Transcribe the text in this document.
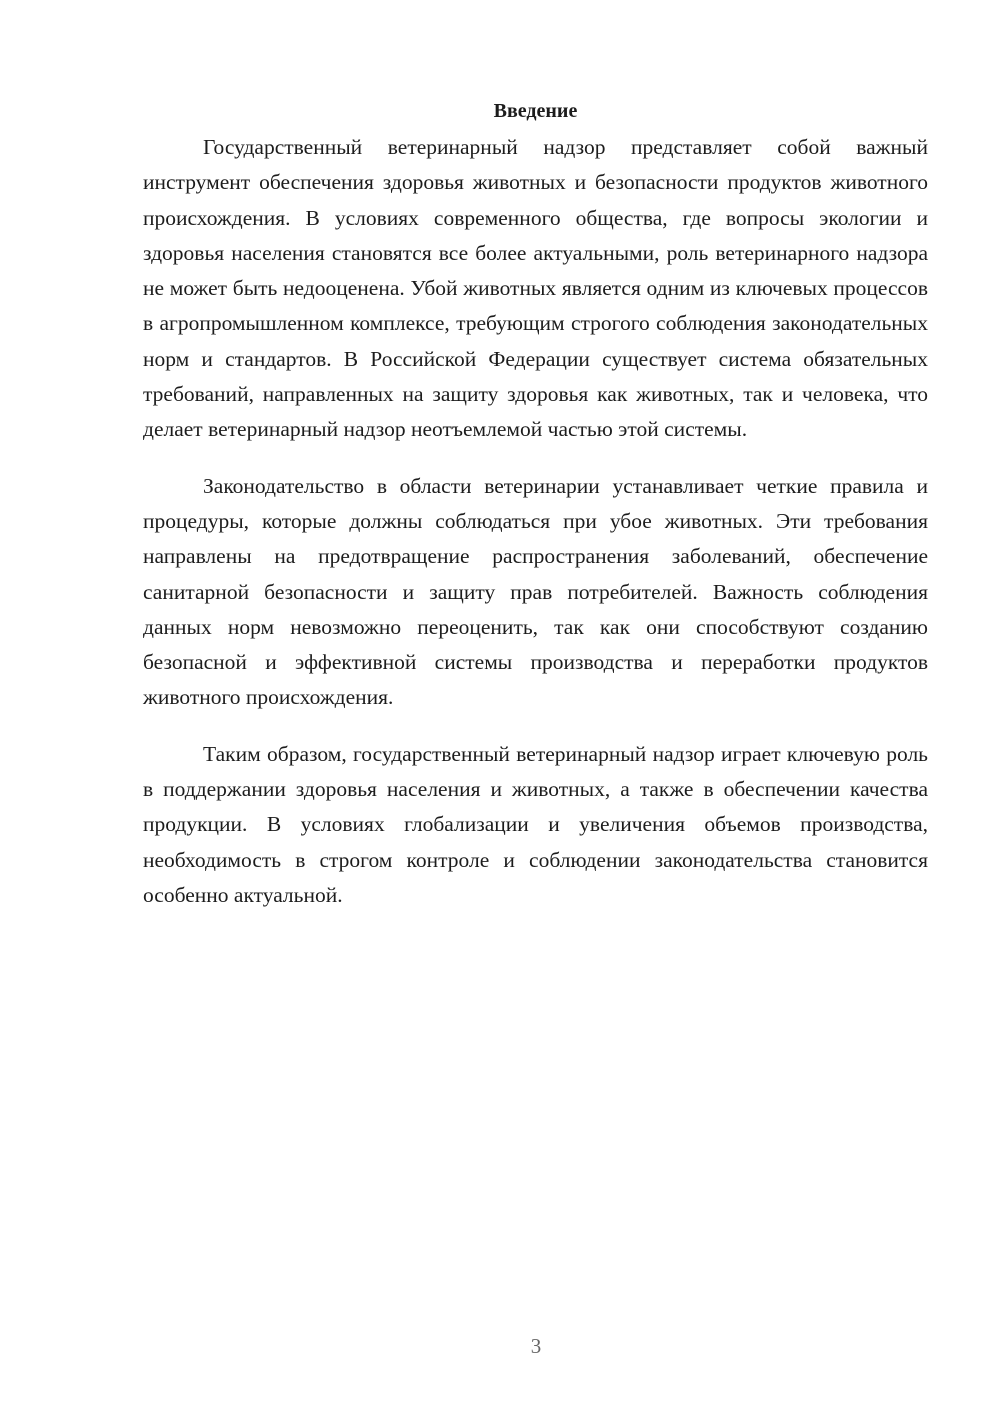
Введение

Государственный ветеринарный надзор представляет собой важный инструмент обеспечения здоровья животных и безопасности продуктов животного происхождения. В условиях современного общества, где вопросы экологии и здоровья населения становятся все более актуальными, роль ветеринарного надзора не может быть недооценена. Убой животных является одним из ключевых процессов в агропромышленном комплексе, требующим строгого соблюдения законодательных норм и стандартов. В Российской Федерации существует система обязательных требований, направленных на защиту здоровья как животных, так и человека, что делает ветеринарный надзор неотъемлемой частью этой системы.

Законодательство в области ветеринарии устанавливает четкие правила и процедуры, которые должны соблюдаться при убое животных. Эти требования направлены на предотвращение распространения заболеваний, обеспечение санитарной безопасности и защиту прав потребителей. Важность соблюдения данных норм невозможно переоценить, так как они способствуют созданию безопасной и эффективной системы производства и переработки продуктов животного происхождения.

Таким образом, государственный ветеринарный надзор играет ключевую роль в поддержании здоровья населения и животных, а также в обеспечении качества продукции. В условиях глобализации и увеличения объемов производства, необходимость в строгом контроле и соблюдении законодательства становится особенно актуальной.

3
